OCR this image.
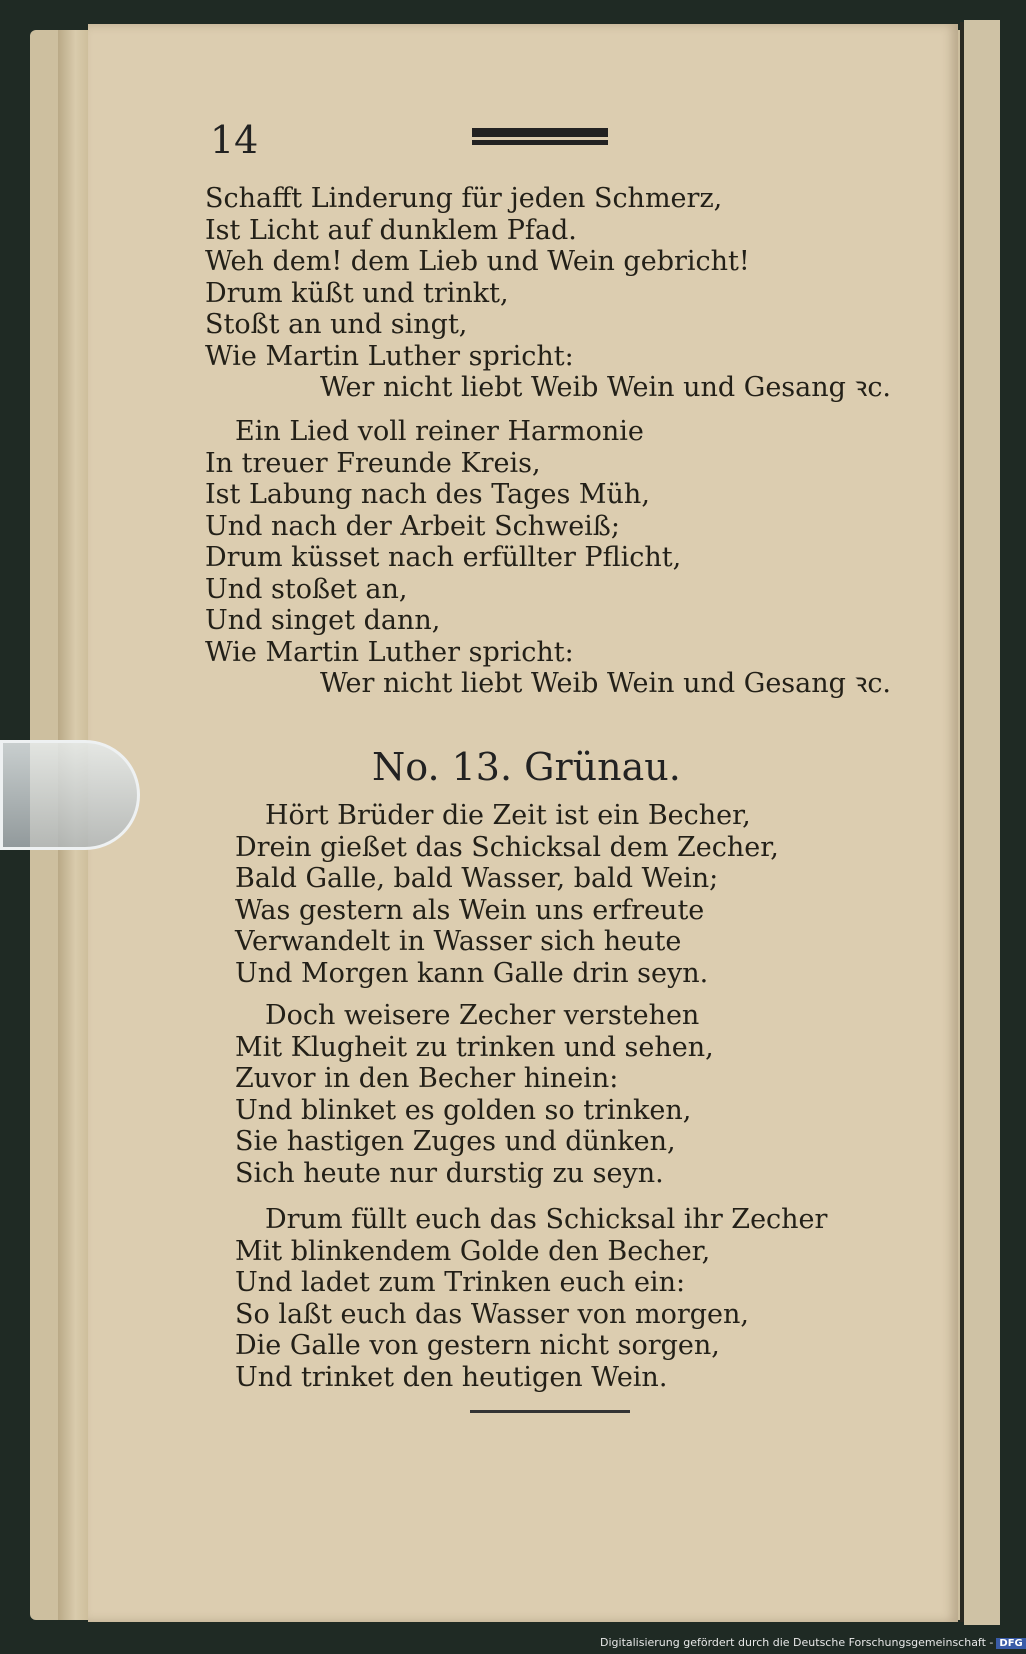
14
Schafft Linderung für jeden Schmerz,
Ist Licht auf dunklem Pfad.
Weh dem! dem Lieb und Wein gebricht!
Drum küßt und trinkt,
Stoßt an und singt,
Wie Martin Luther spricht:
Wer nicht liebt Weib Wein und Gesang ꝛc.
Ein Lied voll reiner Harmonie
In treuer Freunde Kreis,
Ist Labung nach des Tages Müh,
Und nach der Arbeit Schweiß;
Drum küsset nach erfüllter Pflicht,
Und stoßet an,
Und singet dann,
Wie Martin Luther spricht:
Wer nicht liebt Weib Wein und Gesang ꝛc.
No. 13. Grünau.
Hört Brüder die Zeit ist ein Becher,
Drein gießet das Schicksal dem Zecher,
Bald Galle, bald Wasser, bald Wein;
Was gestern als Wein uns erfreute
Verwandelt in Wasser sich heute
Und Morgen kann Galle drin seyn.
Doch weisere Zecher verstehen
Mit Klugheit zu trinken und sehen,
Zuvor in den Becher hinein:
Und blinket es golden so trinken,
Sie hastigen Zuges und dünken,
Sich heute nur durstig zu seyn.
Drum füllt euch das Schicksal ihr Zecher
Mit blinkendem Golde den Becher,
Und ladet zum Trinken euch ein:
So laßt euch das Wasser von morgen,
Die Galle von gestern nicht sorgen,
Und trinket den heutigen Wein.
Digitalisierung gefördert durch die Deutsche Forschungsgemeinschaft - DFG
